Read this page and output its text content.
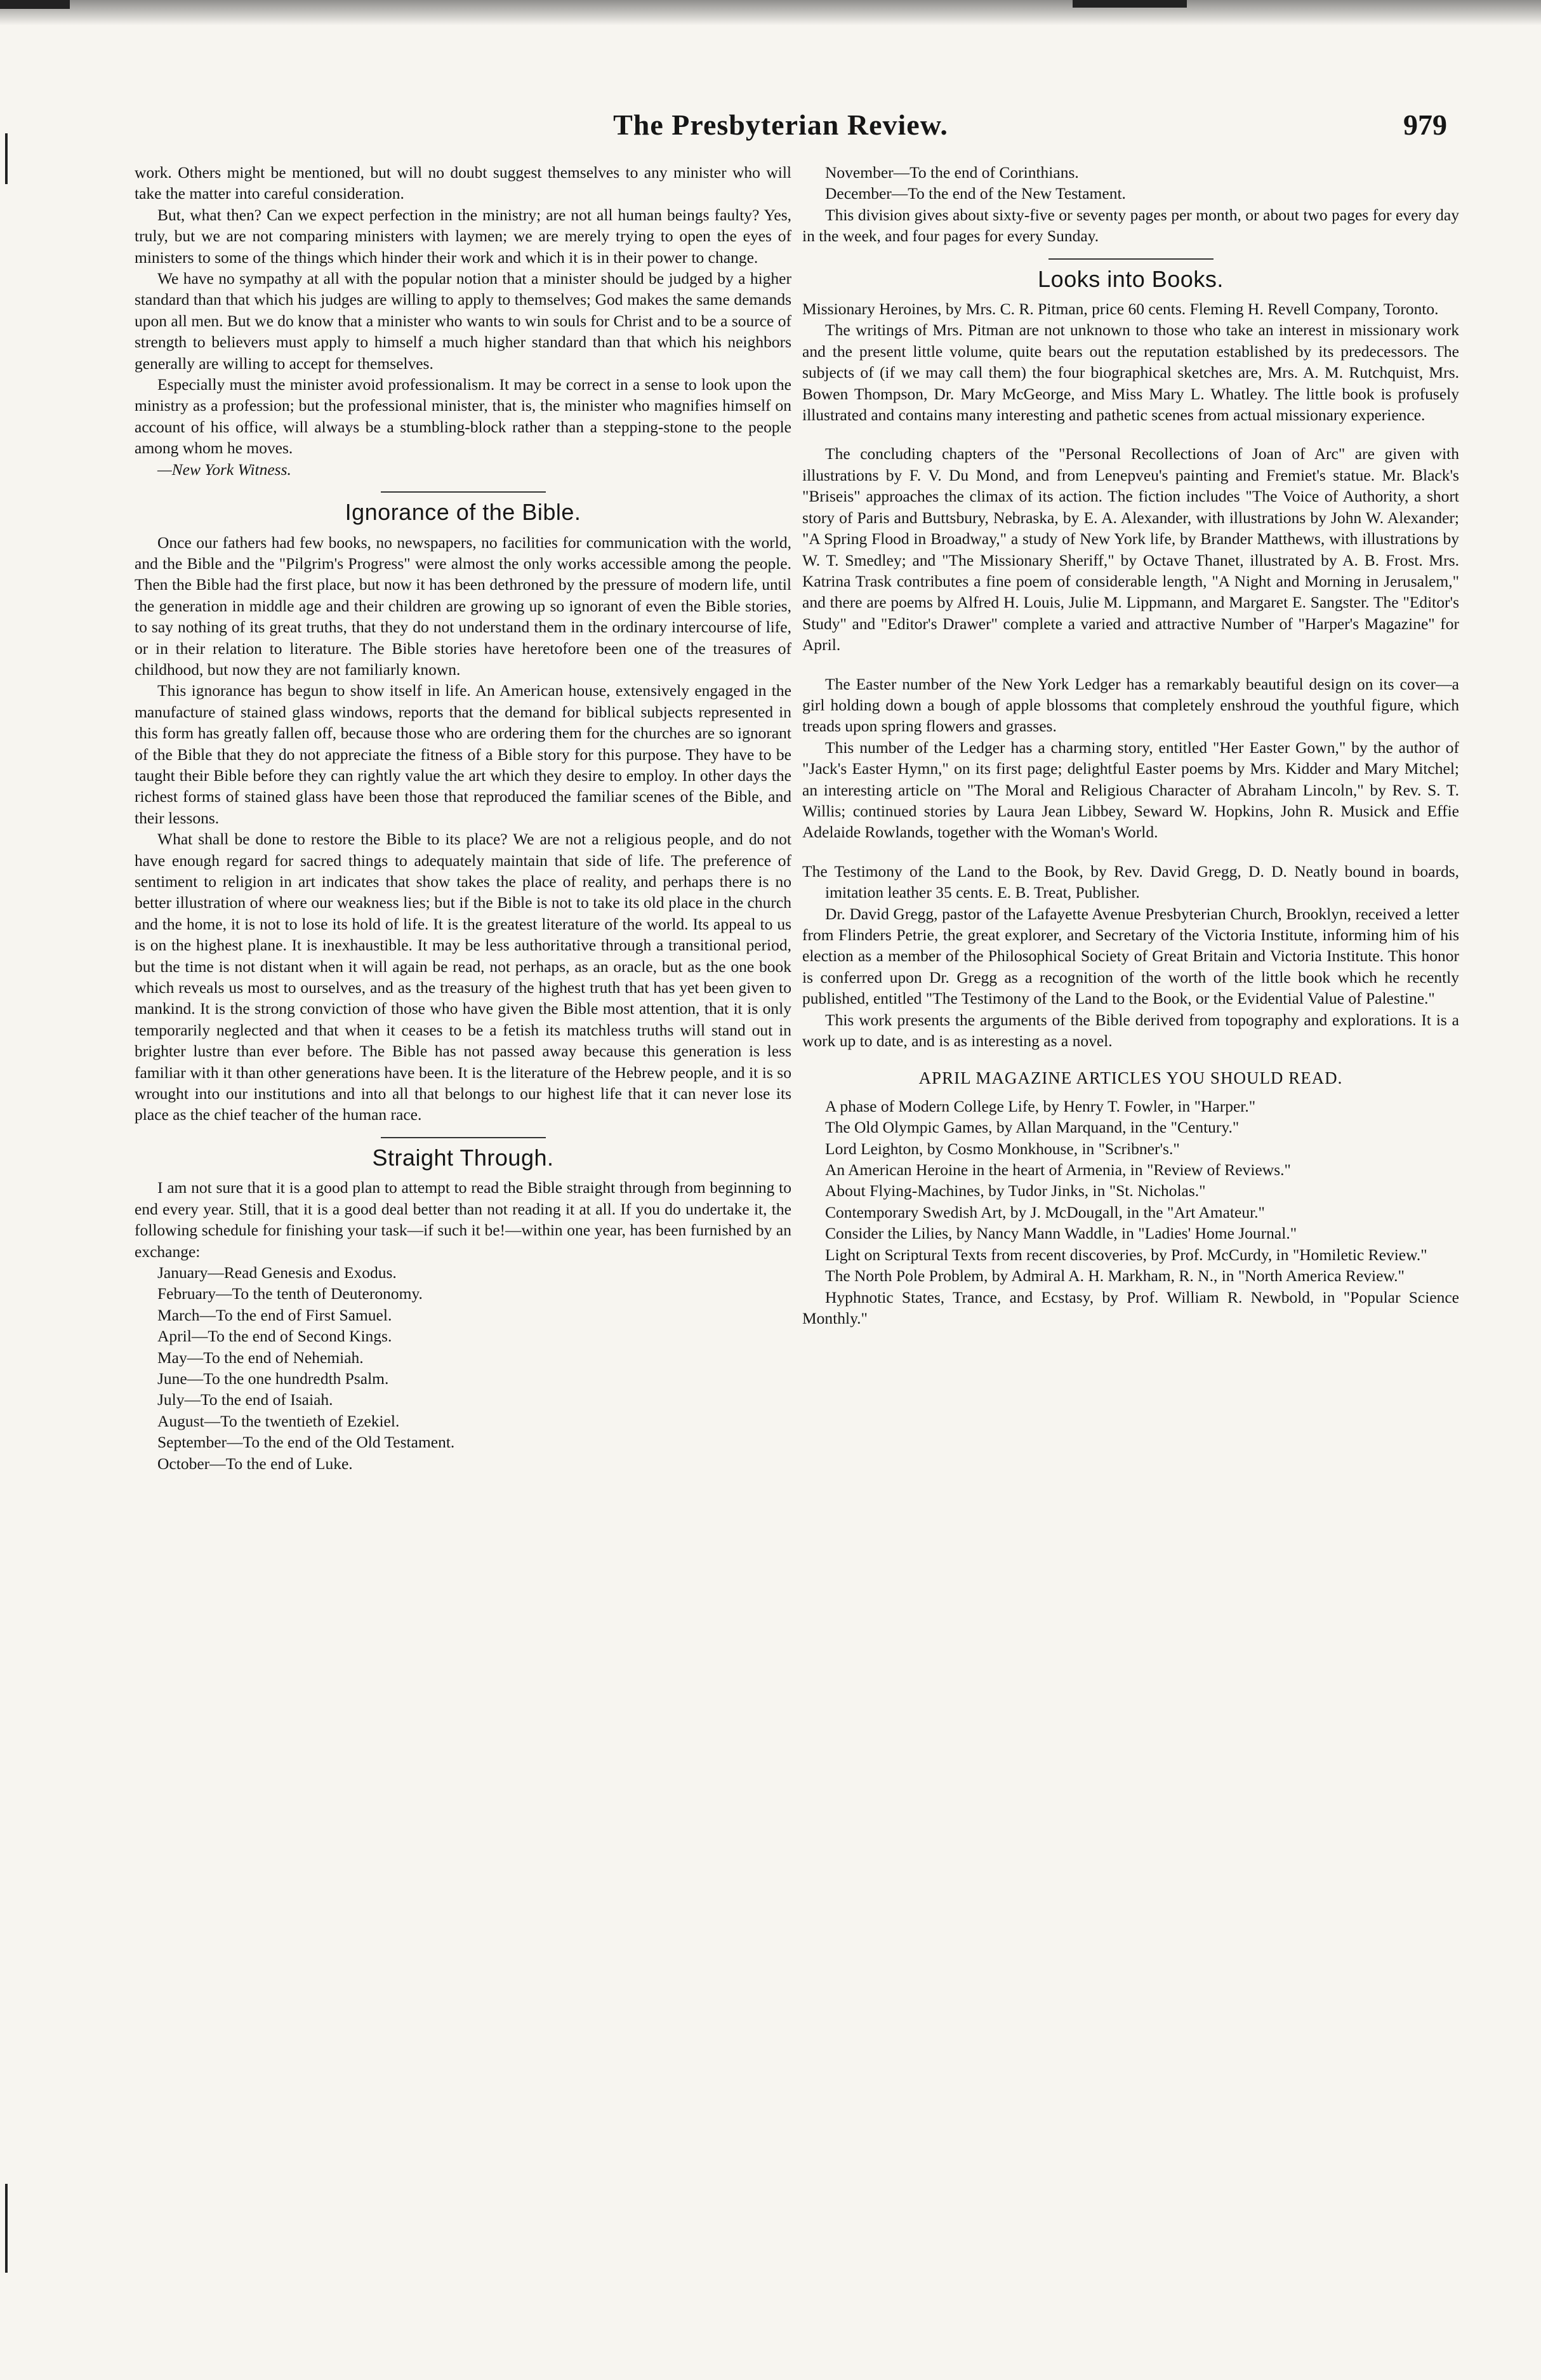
The Presbyterian Review.	979

work. Others might be mentioned, but will no doubt suggest themselves to any minister who will take the matter into careful consideration.

But, what then? Can we expect perfection in the ministry; are not all human beings faulty? Yes, truly, but we are not comparing ministers with laymen; we are merely trying to open the eyes of ministers to some of the things which hinder their work and which it is in their power to change.

We have no sympathy at all with the popular notion that a minister should be judged by a higher standard than that which his judges are willing to apply to themselves; God makes the same demands upon all men. But we do know that a minister who wants to win souls for Christ and to be a source of strength to believers must apply to himself a much higher standard than that which his neighbors generally are willing to accept for themselves.

Especially must the minister avoid professionalism. It may be correct in a sense to look upon the ministry as a profession; but the professional minister, that is, the minister who magnifies himself on account of his office, will always be a stumbling-block rather than a stepping-stone to the people among whom he moves.

—New York Witness.

Ignorance of the Bible.

Once our fathers had few books, no newspapers, no facilities for communication with the world, and the Bible and the "Pilgrim's Progress" were almost the only works accessible among the people. Then the Bible had the first place, but now it has been dethroned by the pressure of modern life, until the generation in middle age and their children are growing up so ignorant of even the Bible stories, to say nothing of its great truths, that they do not understand them in the ordinary intercourse of life, or in their relation to literature. The Bible stories have heretofore been one of the treasures of childhood, but now they are not familiarly known.

This ignorance has begun to show itself in life. An American house, extensively engaged in the manufacture of stained glass windows, reports that the demand for biblical subjects represented in this form has greatly fallen off, because those who are ordering them for the churches are so ignorant of the Bible that they do not appreciate the fitness of a Bible story for this purpose. They have to be taught their Bible before they can rightly value the art which they desire to employ. In other days the richest forms of stained glass have been those that reproduced the familiar scenes of the Bible, and their lessons.

What shall be done to restore the Bible to its place? We are not a religious people, and do not have enough regard for sacred things to adequately maintain that side of life. The preference of sentiment to religion in art indicates that show takes the place of reality, and perhaps there is no better illustration of where our weakness lies; but if the Bible is not to take its old place in the church and the home, it is not to lose its hold of life. It is the greatest literature of the world. Its appeal to us is on the highest plane. It is inexhaustible. It may be less authoritative through a transitional period, but the time is not distant when it will again be read, not perhaps, as an oracle, but as the one book which reveals us most to ourselves, and as the treasury of the highest truth that has yet been given to mankind. It is the strong conviction of those who have given the Bible most attention, that it is only temporarily neglected and that when it ceases to be a fetish its matchless truths will stand out in brighter lustre than ever before. The Bible has not passed away because this generation is less familiar with it than other generations have been. It is the literature of the Hebrew people, and it is so wrought into our institutions and into all that belongs to our highest life that it can never lose its place as the chief teacher of the human race.

Straight Through.

I am not sure that it is a good plan to attempt to read the Bible straight through from beginning to end every year. Still, that it is a good deal better than not reading it at all. If you do undertake it, the following schedule for finishing your task—if such it be!—within one year, has been furnished by an exchange:

January—Read Genesis and Exodus.

February—To the tenth of Deuteronomy.

March—To the end of First Samuel.

April—To the end of Second Kings.

May—To the end of Nehemiah.

June—To the one hundredth Psalm.

July—To the end of Isaiah.

August—To the twentieth of Ezekiel.

September—To the end of the Old Testament.

October—To the end of Luke.

November—To the end of Corinthians.

December—To the end of the New Testament.

This division gives about sixty-five or seventy pages per month, or about two pages for every day in the week, and four pages for every Sunday.

Looks into Books.

Missionary Heroines, by Mrs. C. R. Pitman, price 60 cents. Fleming H. Revell Company, Toronto.

The writings of Mrs. Pitman are not unknown to those who take an interest in missionary work and the present little volume, quite bears out the reputation established by its predecessors. The subjects of (if we may call them) the four biographical sketches are, Mrs. A. M. Rutchquist, Mrs. Bowen Thompson, Dr. Mary McGeorge, and Miss Mary L. Whatley. The little book is profusely illustrated and contains many interesting and pathetic scenes from actual missionary experience.

The concluding chapters of the "Personal Recollections of Joan of Arc" are given with illustrations by F. V. Du Mond, and from Lenepveu's painting and Fremiet's statue. Mr. Black's "Briseis" approaches the climax of its action. The fiction includes "The Voice of Authority, a short story of Paris and Buttsbury, Nebraska, by E. A. Alexander, with illustrations by John W. Alexander; "A Spring Flood in Broadway," a study of New York life, by Brander Matthews, with illustrations by W. T. Smedley; and "The Missionary Sheriff," by Octave Thanet, illustrated by A. B. Frost. Mrs. Katrina Trask contributes a fine poem of considerable length, "A Night and Morning in Jerusalem," and there are poems by Alfred H. Louis, Julie M. Lippmann, and Margaret E. Sangster. The "Editor's Study" and "Editor's Drawer" complete a varied and attractive Number of "Harper's Magazine" for April.

The Easter number of the New York Ledger has a remarkably beautiful design on its cover—a girl holding down a bough of apple blossoms that completely enshroud the youthful figure, which treads upon spring flowers and grasses.

This number of the Ledger has a charming story, entitled "Her Easter Gown," by the author of "Jack's Easter Hymn," on its first page; delightful Easter poems by Mrs. Kidder and Mary Mitchel; an interesting article on "The Moral and Religious Character of Abraham Lincoln," by Rev. S. T. Willis; continued stories by Laura Jean Libbey, Seward W. Hopkins, John R. Musick and Effie Adelaide Rowlands, together with the Woman's World.

The Testimony of the Land to the Book, by Rev. David Gregg, D. D. Neatly bound in boards, imitation leather 35 cents. E. B. Treat, Publisher.

Dr. David Gregg, pastor of the Lafayette Avenue Presbyterian Church, Brooklyn, received a letter from Flinders Petrie, the great explorer, and Secretary of the Victoria Institute, informing him of his election as a member of the Philosophical Society of Great Britain and Victoria Institute. This honor is conferred upon Dr. Gregg as a recognition of the worth of the little book which he recently published, entitled "The Testimony of the Land to the Book, or the Evidential Value of Palestine."

This work presents the arguments of the Bible derived from topography and explorations. It is a work up to date, and is as interesting as a novel.

APRIL MAGAZINE ARTICLES YOU SHOULD READ.

A phase of Modern College Life, by Henry T. Fowler, in "Harper."

The Old Olympic Games, by Allan Marquand, in the "Century."

Lord Leighton, by Cosmo Monkhouse, in "Scribner's."

An American Heroine in the heart of Armenia, in "Review of Reviews."

About Flying-Machines, by Tudor Jinks, in "St. Nicholas."

Contemporary Swedish Art, by J. McDougall, in the "Art Amateur."

Consider the Lilies, by Nancy Mann Waddle, in "Ladies' Home Journal."

Light on Scriptural Texts from recent discoveries, by Prof. McCurdy, in "Homiletic Review."

The North Pole Problem, by Admiral A. H. Markham, R. N., in "North America Review."

Hyphnotic States, Trance, and Ecstasy, by Prof. William R. Newbold, in "Popular Science Monthly."
